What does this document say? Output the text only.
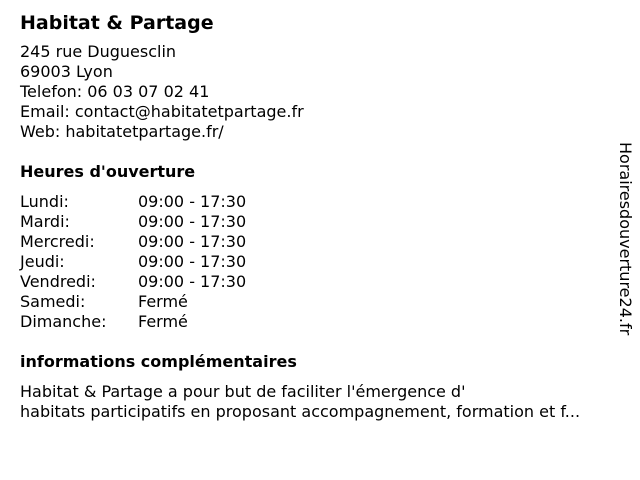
Habitat & Partage
245 rue Duguesclin
69003 Lyon
Telefon: 06 03 07 02 41
Email: contact@habitatetpartage.fr
Web: habitatetpartage.fr/
Heures d'ouverture
Lundi:	09:00 - 17:30
Mardi:	09:00 - 17:30
Mercredi:	09:00 - 17:30
Jeudi:	09:00 - 17:30
Vendredi:	09:00 - 17:30
Samedi:	Fermé
Dimanche:	Fermé
informations complémentaires
Habitat & Partage a pour but de faciliter l'émergence d'
habitats participatifs en proposant accompagnement, formation et f...
Horairesdouverture24.fr
